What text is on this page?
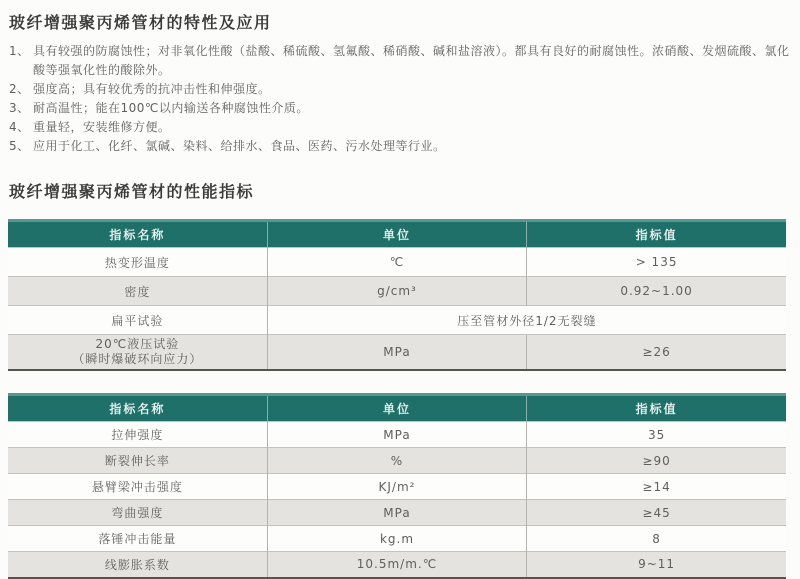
玻纤增强聚丙烯管材的特性及应用
1、 具有较强的防腐蚀性；对非氧化性酸（盐酸、稀硫酸、氢氟酸、稀硝酸、碱和盐溶液）。都具有良好的耐腐蚀性。浓硝酸、发烟硫酸、氯化酸等强氧化性的酸除外。
2、 强度高；具有较优秀的抗冲击性和伸强度。
3、 耐高温性；能在100℃以内输送各种腐蚀性介质。
4、 重量轻，安装维修方便。
5、 应用于化工、化纤、氯碱、染料、给排水、食品、医药、污水处理等行业。
玻纤增强聚丙烯管材的性能指标
指标名称	单位	指标值
热变形温度	℃	> 135
密度	g/cm³	0.92~1.00
扁平试验	压至管材外径1/2无裂缝	

20℃液压试验
（瞬时爆破环向应力）	MPa	≥26
指标名称	单位	指标值
拉伸强度	MPa	35
断裂伸长率	%	≥90
悬臂梁冲击强度	KJ/m²	≥14
弯曲强度	MPa	≥45
落锤冲击能量	kg.m	8
线膨胀系数	10.5m/m.℃	9~11
